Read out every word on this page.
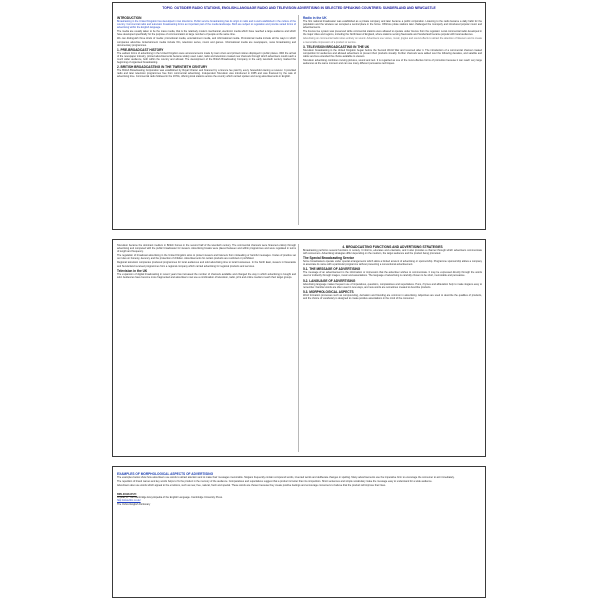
TOPIC: OUTSIDER RADIO STATIONS, ENGLISH-LANGUAGE RADIO AND TELEVISION ADVERTISING IN SELECTED SPEAKING COUNTRIES: SUNDERLAND AND NEWCASTLE

INTRODUCTION

Broadcasting in the United Kingdom has developed in two directions. Public service broadcasting has its origin in radio and is well established in the culture of the country. Commercial radio and television broadcasting forms an important part of the media landscape. Both are subject to regulation and provide varied forms of advertising within the English language.

The media are usually taken to be the mass media, that is the relatively modern mechanical, electronic media which have reached a large audience and which have developed specifically for the purpose of communication to large numbers of people at the same time.

We can distinguish three kinds of media: promotional media, entertainment media, and informational media. Promotional media include all the ways in which companies advertise. Entertainment media include film, television series, music and games. Informational media are newspapers, news broadcasting and documentary programmes.

1. PRE-BROADCAST HISTORY

The earliest forms of advertising in the United Kingdom were announcements made by town criers and printed notices displayed in public places. With the arrival of the newspaper industry, printed advertisements became widely used. Later, radio and television created new channels through which advertisers could reach a much wider audience, both within the country and abroad. The development of the British Broadcasting Company in the early twentieth century marked the beginning of organised broadcasting.

2. BRITISH BROADCASTING IN THE TWENTIETH CENTURY

The British Broadcasting Corporation was established by Royal Charter and financed by a licence fee paid by every household owning a receiver. It provided radio and later television programmes free from commercial advertising. Independent Television was introduced in 1955 and was financed by the sale of advertising time. Commercial radio followed in the 1970s, offering local stations across the country which carried spoken and sung advertisements in English.

Radio in the UK

The first national broadcaster was established as a private company and later became a public corporation. Listening to the radio became a daily habit for the population and the wireless set occupied a central place in the home. Offshore pirate stations later challenged the monopoly and introduced popular music and advertisements.

The licence fee system was preserved while commercial stations were allowed to operate under licence from the regulator. Local commercial radio developed in the major cities and regions, including the North East of England, where stations serving Newcastle and Sunderland became popular with local audiences.

Advertising on commercial radio relies entirely on sound. Advertisers use voices, music, jingles and sound effects to attract the attention of listeners and to create a memorable impression of a product or service.

3. TELEVISION BROADCASTING IN THE UK

Television broadcasting in the United Kingdom began before the Second World War and resumed after it. The introduction of a commercial channel created competition for audiences and allowed advertisers to present their products visually. Further channels were added over the following decades, and satellite and cable services extended the choice available to viewers.

Television advertising combines moving pictures, sound and text. It is regarded as one of the most effective forms of promotion because it can reach very large audiences at the same moment and can use many different persuasive techniques.

Television became the dominant medium in British homes in the second half of the twentieth century. The commercial channels were financed entirely through advertising and competed with the public broadcaster for viewers. Advertising breaks were placed between and within programmes and were regulated in terms of length and frequency.

The regulation of broadcast advertising in the United Kingdom aims to protect viewers and listeners from misleading or harmful messages. Codes of practice set out rules on honesty, decency and the protection of children. Advertisements for certain products are restricted or prohibited.

Regional television companies produced programmes for local audiences and sold advertising time to local businesses. In the North East, viewers in Newcastle and Sunderland received programmes from a regional company which carried advertising for regional products and services.

Television in the UK

The expansion of digital broadcasting in recent years has increased the number of channels available and changed the way in which advertising is bought and sold. Audiences have become more fragmented and advertisers now use a combination of television, radio, print and online media to reach their target groups.

4. BROADCASTING FUNCTIONS AND ADVERTISING STRATEGIES

Broadcasting performs several functions in society. It informs, educates and entertains, and it also provides a channel through which advertisers communicate with consumers. Advertising strategies differ depending on the medium, the target audience and the product being promoted.

The Special Broadcasting Service

Some broadcasters operate under special arrangements which allow a limited amount of advertising or sponsorship. Programme sponsorship allows a company to associate its name with a particular programme without presenting a conventional advertisement.

5.1. THE MESSAGE OF ADVERTISING

The message of an advertisement is the information or impression that the advertiser wishes to communicate. It may be expressed directly through the words used or indirectly through images, music and associations. The language of advertising is carefully chosen to be short, memorable and persuasive.

5.2. LANGUAGE OF ADVERTISING

Advertising language makes frequent use of imperatives, questions, comparatives and superlatives. Puns, rhymes and alliteration help to make slogans easy to remember. Familiar words are often used in new ways, and new words are sometimes created to describe products.

5.3. MORPHOLOGICAL ASPECTS

Word formation processes such as compounding, derivation and blending are common in advertising. Adjectives are used to describe the qualities of products, and the choice of vocabulary is designed to create positive associations in the mind of the consumer.

EXAMPLES OF MORPHOLOGICAL ASPECTS OF ADVERTISING

The examples below show how advertisers use words to attract attention and to make their messages memorable. Slogans frequently contain compound words, invented words and deliberate changes in spelling. Many advertisements use the imperative form to encourage the consumer to act immediately.

The repetition of brand names and key words helps to fix the product in the memory of the audience. Comparatives and superlatives suggest that a product is better than its competitors. Short sentences and simple vocabulary make the message easy to understand for a wide audience.

Advertisers also use words which appeal to the emotions, such as new, free, natural, fresh and special. These words are chosen because they create positive feelings and encourage consumers to believe that the product will improve their lives.

BIBLIOGRAPHY:

Crystal, D. The Cambridge Encyclopedia of the English Language. Cambridge University Press.

http://www.bbc.co.uk/

The Oxford English Dictionary
